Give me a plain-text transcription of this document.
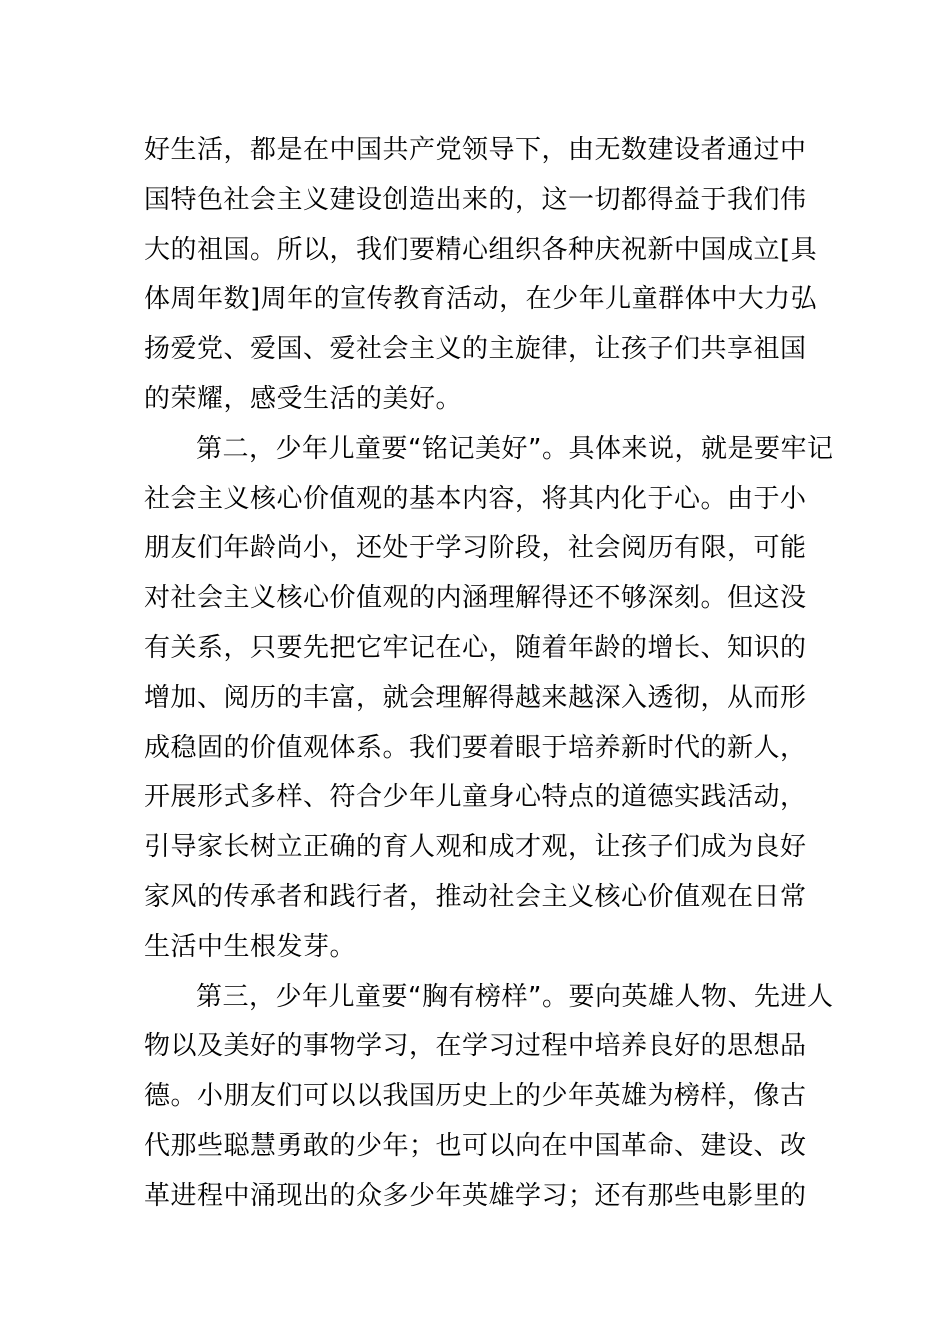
好生活，都是在中国共产党领导下，由无数建设者通过中
国特色社会主义建设创造出来的，这一切都得益于我们伟
大的祖国。所以，我们要精心组织各种庆祝新中国成立[具
体周年数]周年的宣传教育活动，在少年儿童群体中大力弘
扬爱党、爱国、爱社会主义的主旋律，让孩子们共享祖国
的荣耀，感受生活的美好。
第二，少年儿童要“铭记美好”。具体来说，就是要牢记
社会主义核心价值观的基本内容，将其内化于心。由于小
朋友们年龄尚小，还处于学习阶段，社会阅历有限，可能
对社会主义核心价值观的内涵理解得还不够深刻。但这没
有关系，只要先把它牢记在心，随着年龄的增长、知识的
增加、阅历的丰富，就会理解得越来越深入透彻，从而形
成稳固的价值观体系。我们要着眼于培养新时代的新人，
开展形式多样、符合少年儿童身心特点的道德实践活动，
引导家长树立正确的育人观和成才观，让孩子们成为良好
家风的传承者和践行者，推动社会主义核心价值观在日常
生活中生根发芽。
第三，少年儿童要“胸有榜样”。要向英雄人物、先进人
物以及美好的事物学习，在学习过程中培养良好的思想品
德。小朋友们可以以我国历史上的少年英雄为榜样，像古
代那些聪慧勇敢的少年；也可以向在中国革命、建设、改
革进程中涌现出的众多少年英雄学习；还有那些电影里的
